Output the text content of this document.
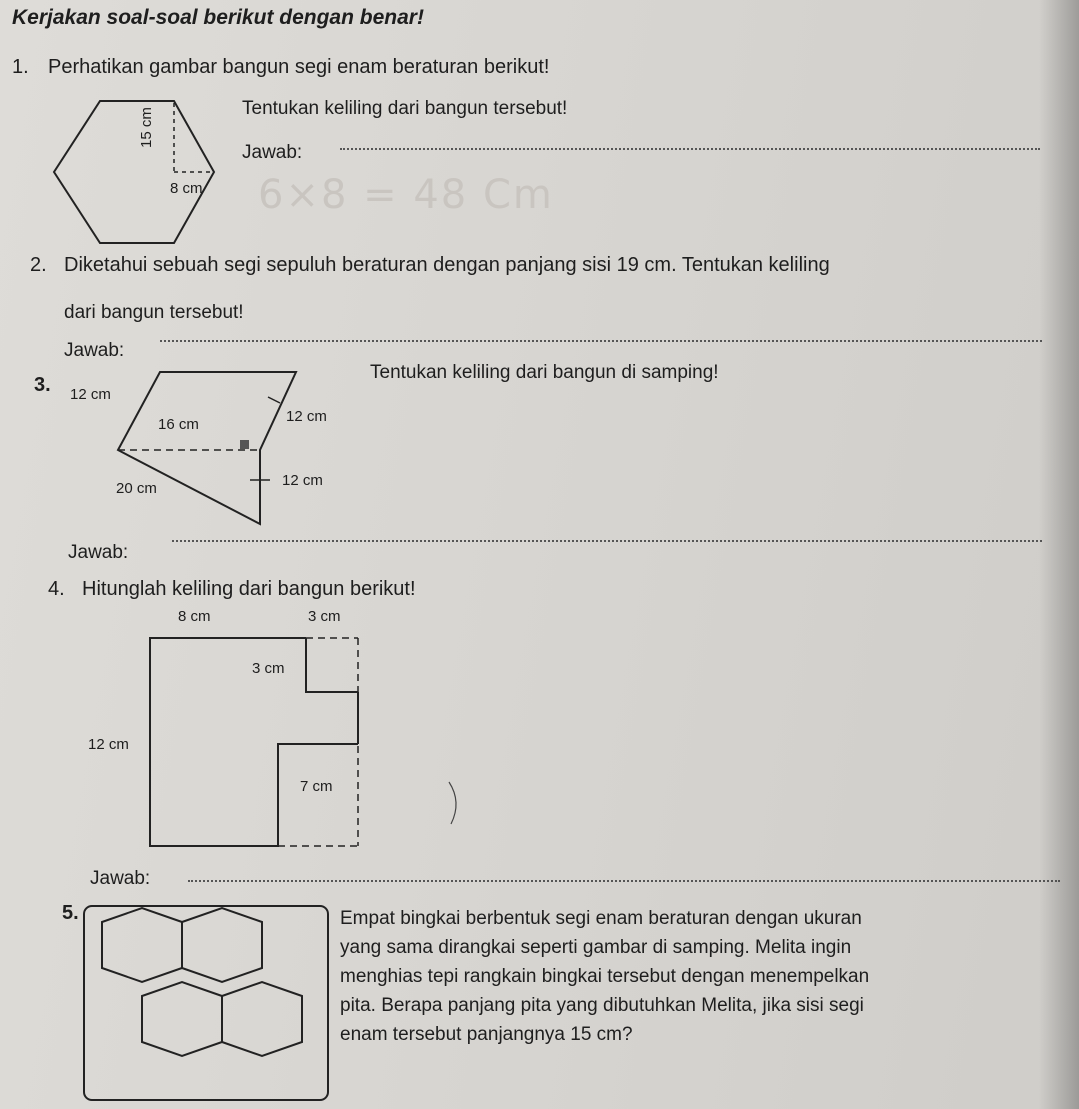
Kerjakan soal-soal berikut dengan benar!
1. Perhatikan gambar bangun segi enam beraturan berikut!
15 cm
8 cm
Tentukan keliling dari bangun tersebut!
Jawab:
6×8 = 48 Cm
2. Diketahui sebuah segi sepuluh beraturan dengan panjang sisi 19 cm. Tentukan keliling
dari bangun tersebut!
Jawab:
3. 12 cm
16 cm	12 cm
20 cm	12 cm
Tentukan keliling dari bangun di samping!
Jawab:
4. Hitunglah keliling dari bangun berikut!
8 cm	3 cm
3 cm
12 cm
7 cm
Jawab:
5.	Empat bingkai berbentuk segi enam beraturan dengan ukuran
yang sama dirangkai seperti gambar di samping. Melita ingin
menghias tepi rangkain bingkai tersebut dengan menempelkan
pita. Berapa panjang pita yang dibutuhkan Melita, jika sisi segi
enam tersebut panjangnya 15 cm?
